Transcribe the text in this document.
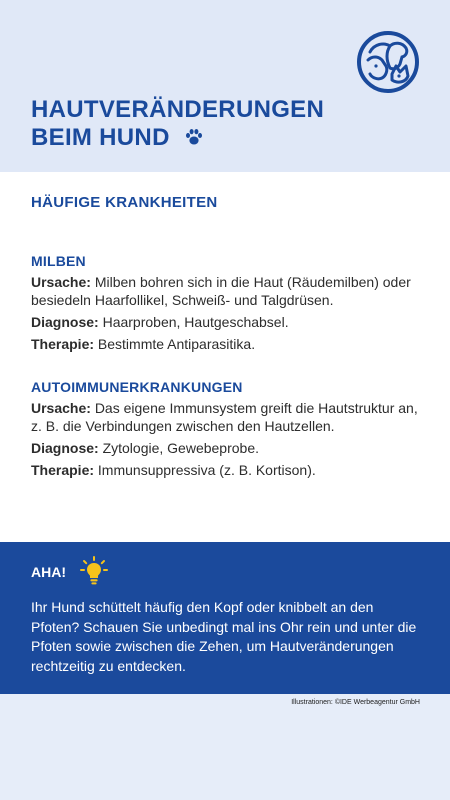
HAUTVERÄNDERUNGEN
BEIM HUND
HÄUFIGE KRANKHEITEN
MILBEN

Ursache: Milben bohren sich in die Haut (Räudemilben) oder besiedeln Haarfollikel, Schweiß- und Talgdrüsen.

Diagnose: Haarproben, Hautgeschabsel.

Therapie: Bestimmte Antiparasitika.

AUTOIMMUNERKRANKUNGEN

Ursache: Das eigene Immunsystem greift die Hautstruktur an, z. B. die Verbindungen zwischen den Hautzellen.

Diagnose: Zytologie, Gewebeprobe.

Therapie: Immunsuppressiva (z. B. Kortison).

AHA!

Ihr Hund schüttelt häufig den Kopf oder knibbelt an den Pfoten? Schauen Sie unbedingt mal ins Ohr rein und unter die Pfoten sowie zwischen die Zehen, um Hautveränderungen rechtzeitig zu entdecken.

Illustrationen: ©IDE Werbeagentur GmbH
